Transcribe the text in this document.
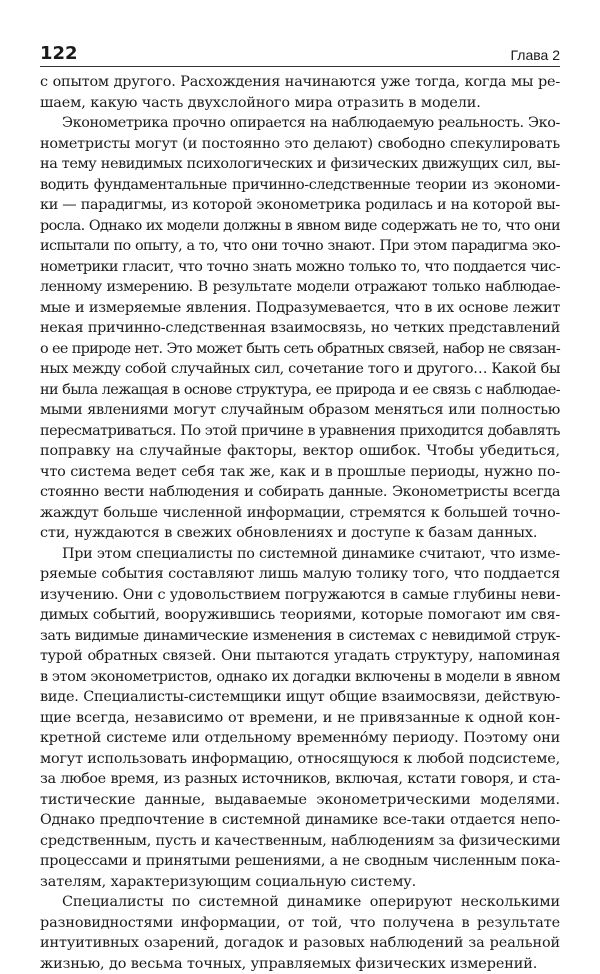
122	Глава 2
с опытом другого. Расхождения начинаются уже тогда, когда мы ре-
шаем, какую часть двухслойного мира отразить в модели.
Эконометрика прочно опирается на наблюдаемую реальность. Эко-
нометристы могут (и постоянно это делают) свободно спекулировать
на тему невидимых психологических и физических движущих сил, вы-
водить фундаментальные причинно-следственные теории из экономи-
ки — парадигмы, из которой эконометрика родилась и на которой вы-
росла. Однако их модели должны в явном виде содержать не то, что они
испытали по опыту, а то, что они точно знают. При этом парадигма эко-
нометрики гласит, что точно знать можно только то, что поддается чис-
ленному измерению. В результате модели отражают только наблюдае-
мые и измеряемые явления. Подразумевается, что в их основе лежит
некая причинно-следственная взаимосвязь, но четких представлений
о ее природе нет. Это может быть сеть обратных связей, набор не связан-
ных между собой случайных сил, сочетание того и другого… Какой бы
ни была лежащая в основе структура, ее природа и ее связь с наблюдае-
мыми явлениями могут случайным образом меняться или полностью
пересматриваться. По этой причине в уравнения приходится добавлять
поправку на случайные факторы, вектор ошибок. Чтобы убедиться,
что система ведет себя так же, как и в прошлые периоды, нужно по-
стоянно вести наблюдения и собирать данные. Эконометристы всегда
жаждут больше численной информации, стремятся к большей точно-
сти, нуждаются в свежих обновлениях и доступе к базам данных.
При этом специалисты по системной динамике считают, что изме-
ряемые события составляют лишь малую толику того, что поддается
изучению. Они с удовольствием погружаются в самые глубины неви-
димых событий, вооружившись теориями, которые помогают им свя-
зать видимые динамические изменения в системах с невидимой струк-
турой обратных связей. Они пытаются угадать структуру, напоминая
в этом эконометристов, однако их догадки включены в модели в явном
виде. Специалисты-системщики ищут общие взаимосвязи, действую-
щие всегда, независимо от времени, и не привязанные к одной кон-
кретной системе или отдельному временно́му периоду. Поэтому они
могут использовать информацию, относящуюся к любой подсистеме,
за любое время, из разных источников, включая, кстати говоря, и ста-
тистические данные, выдаваемые эконометрическими моделями.
Однако предпочтение в системной динамике все-таки отдается непо-
средственным, пусть и качественным, наблюдениям за физическими
процессами и принятыми решениями, а не сводным численным пока-
зателям, характеризующим социальную систему.
Специалисты по системной динамике оперируют несколькими
разновидностями информации, от той, что получена в результате
интуитивных озарений, догадок и разовых наблюдений за реальной
жизнью, до весьма точных, управляемых физических измерений.
